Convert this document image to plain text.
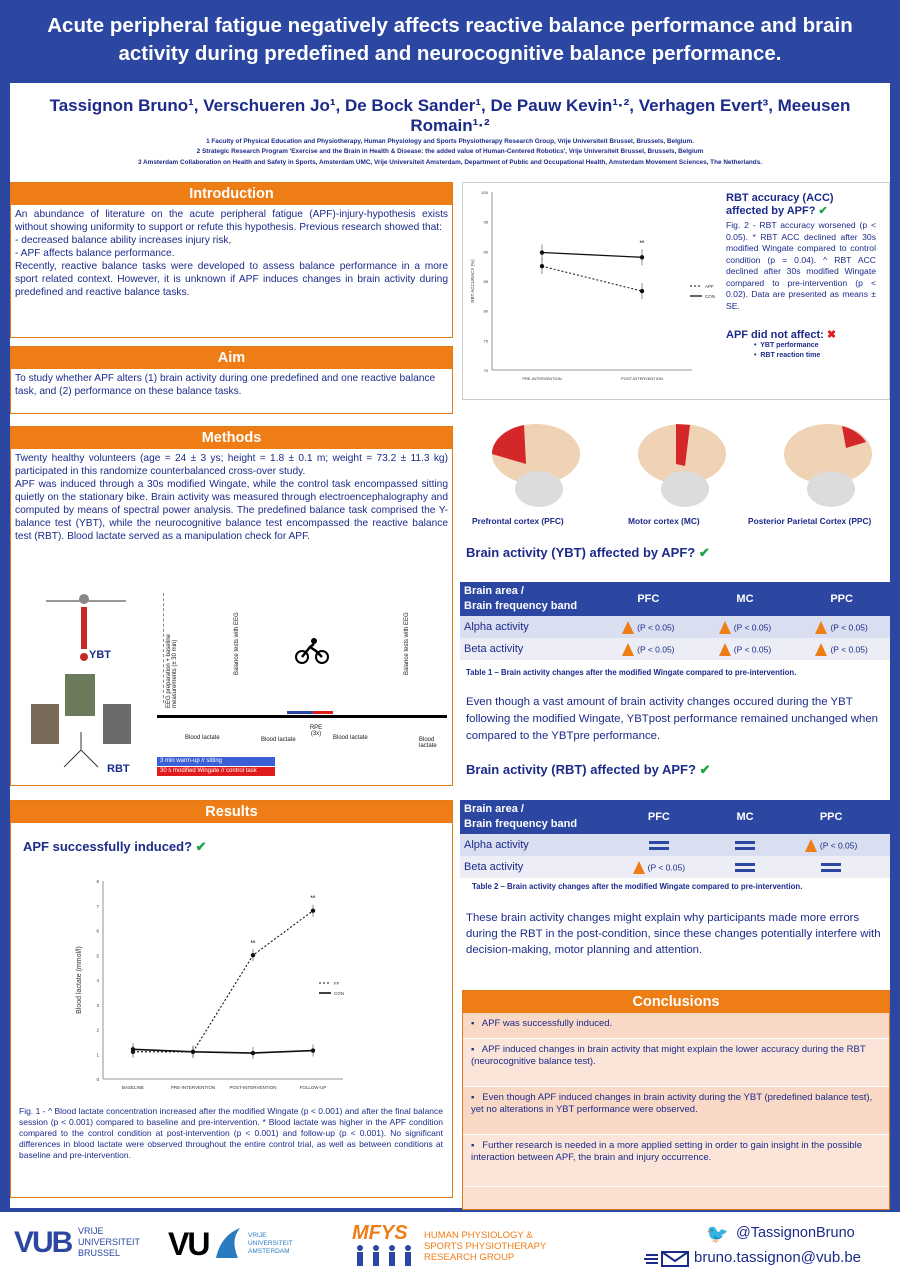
Acute peripheral fatigue negatively affects reactive balance performance and brain activity during predefined and neurocognitive balance performance.
Tassignon Bruno¹, Verschueren Jo¹, De Bock Sander¹, De Pauw Kevin¹·², Verhagen Evert³, Meeusen Romain¹·²
1 Faculty of Physical Education and Physiotherapy, Human Physiology and Sports Physiotherapy Research Group, Vrije Universiteit Brussel, Brussels, Belgium.
2 Strategic Research Program 'Exercise and the Brain in Health & Disease: the added value of Human-Centered Robotics', Vrije Universiteit Brussel, Brussels, Belgium
3 Amsterdam Collaboration on Health and Safety in Sports, Amsterdam UMC, Vrije Universiteit Amsterdam, Department of Public and Occupational Health, Amsterdam Movement Sciences, The Netherlands.
Introduction
An abundance of literature on the acute peripheral fatigue (APF)-injury-hypothesis exists without showing uniformity to support or refute this hypothesis. Previous research showed that:
- decreased balance ability increases injury risk,
- APF affects balance performance.
Recently, reactive balance tasks were developed to assess balance performance in a more sport related context. However, it is unknown if APF induces changes in brain activity during predefined and reactive balance tasks.
Aim
To study whether APF alters (1) brain activity during one predefined and one reactive balance task, and (2) performance on these balance tasks.
Methods
Twenty healthy volunteers (age = 24 ± 3 ys; height = 1.8 ± 0.1 m; weight = 73.2 ± 11.3 kg) participated in this randomize counterbalanced cross-over study.
APF was induced through a 30s modified Wingate, while the control task encompassed sitting quietly on the stationary bike. Brain activity was measured through electroencephalography and computed by means of spectral power analysis. The predefined balance task comprised the Y-balance test (YBT), while the neurocognitive balance test encompassed the reactive balance test (RBT). Blood lactate served as a manipulation check for APF.
YBT
RBT
EEG preparation + baseline measurements (± 30 min)	Balance tests with EEG	Balance tests with EEG
Blood lactate	Blood lactate
RPE (3x)
Blood lactate	Blood lactate
3 min warm-up // sitting
30 s modified Wingate // control task
Results
APF successfully induced? ✔
0
1
2
3
4
5
6
7
8
BASELINE	PRE-INTERVENTION	POST-INTERVENTION	FOLLOW-UP
Blood lactate (mmol/l)	FF
CON
*^
*^
Fig. 1 - ^ Blood lactate concentration increased after the modified Wingate (p < 0.001) and after the final balance session (p < 0.001) compared to baseline and pre-intervention. * Blood lactate was higher in the APF condition compared to the control condition at post-intervention (p < 0.001) and follow-up (p < 0.001). No significant differences in blood lactate were observed throughout the entire control trial, as well as between conditions at baseline and pre-intervention.
70
75
80
85
90
95
100
PRE-INTERVENTION	POST-INTERVENTION
RBT ACCURACY (%)	APF
CON
*^
RBT accuracy (ACC) affected by APF? ✔
Fig. 2 - RBT accuracy worsened (p < 0.05). * RBT ACC declined after 30s modified Wingate compared to control condition (p = 0.04). ^ RBT ACC declined after 30s modified Wingate compared to pre-intervention (p < 0.02). Data are presented as means ± SE.
APF did not affect: ✖
•  YBT performance
•  RBT reaction time
Prefrontal cortex (PFC)	Motor cortex (MC)	Posterior Parietal Cortex (PPC)
Brain activity (YBT) affected by APF? ✔
Brain area /
Brain frequency band	PFC	MC	PPC
Alpha activity	(P < 0.05)	(P < 0.05)	(P < 0.05)
Beta activity	(P < 0.05)	(P < 0.05)	(P < 0.05)
Table 1 – Brain activity changes after the modified Wingate compared to pre-intervention.
Even though a vast amount of brain activity changes occured during the YBT following the modified Wingate, YBTpost performance remained unchanged when compared to the YBTpre performance.
Brain activity (RBT) affected by APF? ✔
Brain area /
Brain frequency band	PFC	MC	PPC
Alpha activity			(P < 0.05)
Beta activity	(P < 0.05)		
Table 2 – Brain activity changes after the modified Wingate compared to pre-intervention.
These brain activity changes might explain why participants made more errors during the RBT in the post-condition, since these changes potentially interfere with decision-making, motor planning and attention.
Conclusions
▪   APF was successfully induced.
▪   APF induced changes in brain activity that might explain the lower accuracy during the RBT (neurocognitive balance test).
▪   Even though APF induced changes in brain activity during the YBT (predefined balance test), yet no alterations in YBT performance were observed.
▪   Further research is needed in a more applied setting in order to gain insight in the possible interaction between APF, the brain and injury occurrence.
VUB VRIJE
UNIVERSITEIT
BRUSSEL	VU	VRIJE
UNIVERSITEIT
AMSTERDAM
MFYS HUMAN PHYSIOLOGY &
SPORTS PHYSIOTHERAPY
RESEARCH GROUP
🐦 @TassignonBruno
bruno.tassignon@vub.be
